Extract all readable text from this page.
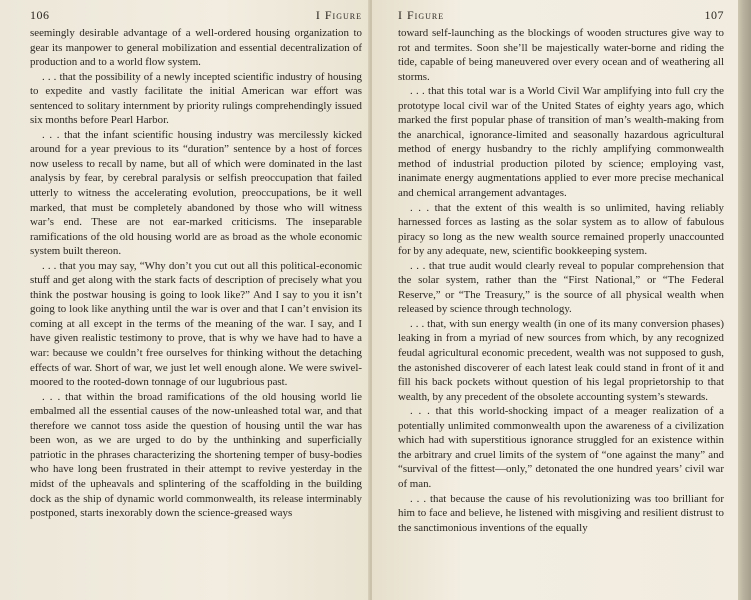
106	I Figure

seemingly desirable advantage of a well-ordered housing organization to gear its manpower to general mobilization and essential decentralization of production and to a world flow system.

. . . that the possibility of a newly incepted scientific industry of housing to expedite and vastly facilitate the initial American war effort was sentenced to solitary internment by priority rulings comprehendingly issued six months before Pearl Harbor.

. . . that the infant scientific housing industry was mercilessly kicked around for a year previous to its “duration” sentence by a host of forces now useless to recall by name, but all of which were dominated in the last analysis by fear, by cerebral paralysis or selfish preoccupation that failed utterly to witness the accelerating evolution, preoccupations, be it well marked, that must be completely abandoned by those who will witness war’s end. These are not ear-marked criticisms. The inseparable ramifications of the old housing world are as broad as the whole economic system built thereon.

. . . that you may say, “Why don’t you cut out all this political-economic stuff and get along with the stark facts of description of precisely what you think the postwar housing is going to look like?” And I say to you it isn’t going to look like anything until the war is over and that I can’t envision its coming at all except in the terms of the meaning of the war. I say, and I have given realistic testimony to prove, that is why we have had to have a war: because we couldn’t free ourselves for thinking without the detaching effects of war. Short of war, we just let well enough alone. We were swivel-moored to the rooted-down tonnage of our lugubrious past.

. . . that within the broad ramifications of the old housing world lie embalmed all the essential causes of the now-unleashed total war, and that therefore we cannot toss aside the question of housing until the war has been won, as we are urged to do by the unthinking and superficially patriotic in the phrases characterizing the shortening temper of busy-bodies who have long been frustrated in their attempt to revive yesterday in the midst of the upheavals and splintering of the scaffolding in the building dock as the ship of dynamic world commonwealth, its release interminably postponed, starts inexorably down the science-greased ways

I Figure	107

toward self-launching as the blockings of wooden structures give way to rot and termites. Soon she’ll be majestically water-borne and riding the tide, capable of being maneuvered over every ocean and of weathering all storms.

. . . that this total war is a World Civil War amplifying into full cry the prototype local civil war of the United States of eighty years ago, which marked the first popular phase of transition of man’s wealth-making from the anarchical, ignorance-limited and seasonally hazardous agricultural method of energy husbandry to the richly amplifying commonwealth method of industrial production piloted by science; employing vast, inanimate energy augmentations applied to ever more precise mechanical and chemical arrangement advantages.

. . . that the extent of this wealth is so unlimited, having reliably harnessed forces as lasting as the solar system as to allow of fabulous piracy so long as the new wealth source remained properly unaccounted for by any adequate, new, scientific bookkeeping system.

. . . that true audit would clearly reveal to popular comprehension that the solar system, rather than the “First National,” or “The Federal Reserve,” or “The Treasury,” is the source of all physical wealth when released by science through technology.

. . . that, with sun energy wealth (in one of its many conversion phases) leaking in from a myriad of new sources from which, by any recognized feudal agricultural economic precedent, wealth was not supposed to gush, the astonished discoverer of each latest leak could stand in front of it and fill his back pockets without question of his legal proprietorship to that wealth, by any precedent of the obsolete accounting system’s stewards.

. . . that this world-shocking impact of a meager realization of a potentially unlimited commonwealth upon the awareness of a civilization which had with superstitious ignorance struggled for an existence within the arbitrary and cruel limits of the system of “one against the many” and “survival of the fittest—only,” detonated the one hundred years’ civil war of man.

. . . that because the cause of his revolutionizing was too brilliant for him to face and believe, he listened with misgiving and resilient distrust to the sanctimonious inventions of the equally
